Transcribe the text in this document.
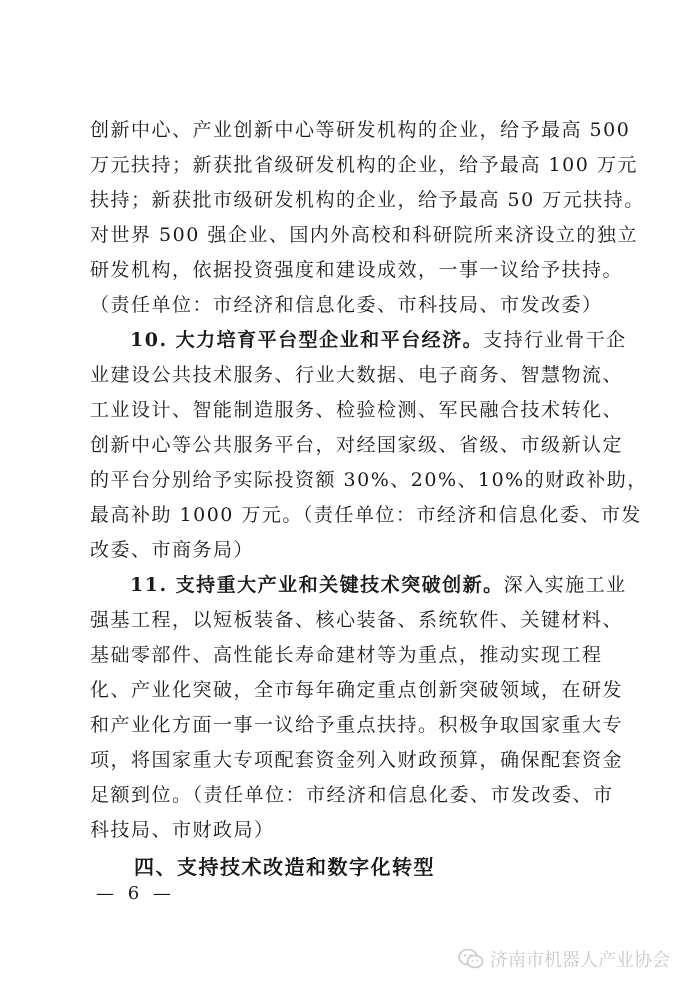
创新中心、产业创新中心等研发机构的企业，给予最高 500
万元扶持；新获批省级研发机构的企业，给予最高 100 万元
扶持；新获批市级研发机构的企业，给予最高 50 万元扶持。
对世界 500 强企业、国内外高校和科研院所来济设立的独立
研发机构，依据投资强度和建设成效，一事一议给予扶持。
（责任单位：市经济和信息化委、市科技局、市发改委）
10. 大力培育平台型企业和平台经济。支持行业骨干企
业建设公共技术服务、行业大数据、电子商务、智慧物流、
工业设计、智能制造服务、检验检测、军民融合技术转化、
创新中心等公共服务平台，对经国家级、省级、市级新认定
的平台分别给予实际投资额 30%、20%、10%的财政补助，
最高补助 1000 万元。（责任单位：市经济和信息化委、市发
改委、市商务局）
11. 支持重大产业和关键技术突破创新。深入实施工业
强基工程，以短板装备、核心装备、系统软件、关键材料、
基础零部件、高性能长寿命建材等为重点，推动实现工程
化、产业化突破，全市每年确定重点创新突破领域，在研发
和产业化方面一事一议给予重点扶持。积极争取国家重大专
项，将国家重大专项配套资金列入财政预算，确保配套资金
足额到位。（责任单位：市经济和信息化委、市发改委、市
科技局、市财政局）
四、支持技术改造和数字化转型
— 6 —
济南市机器人产业协会
